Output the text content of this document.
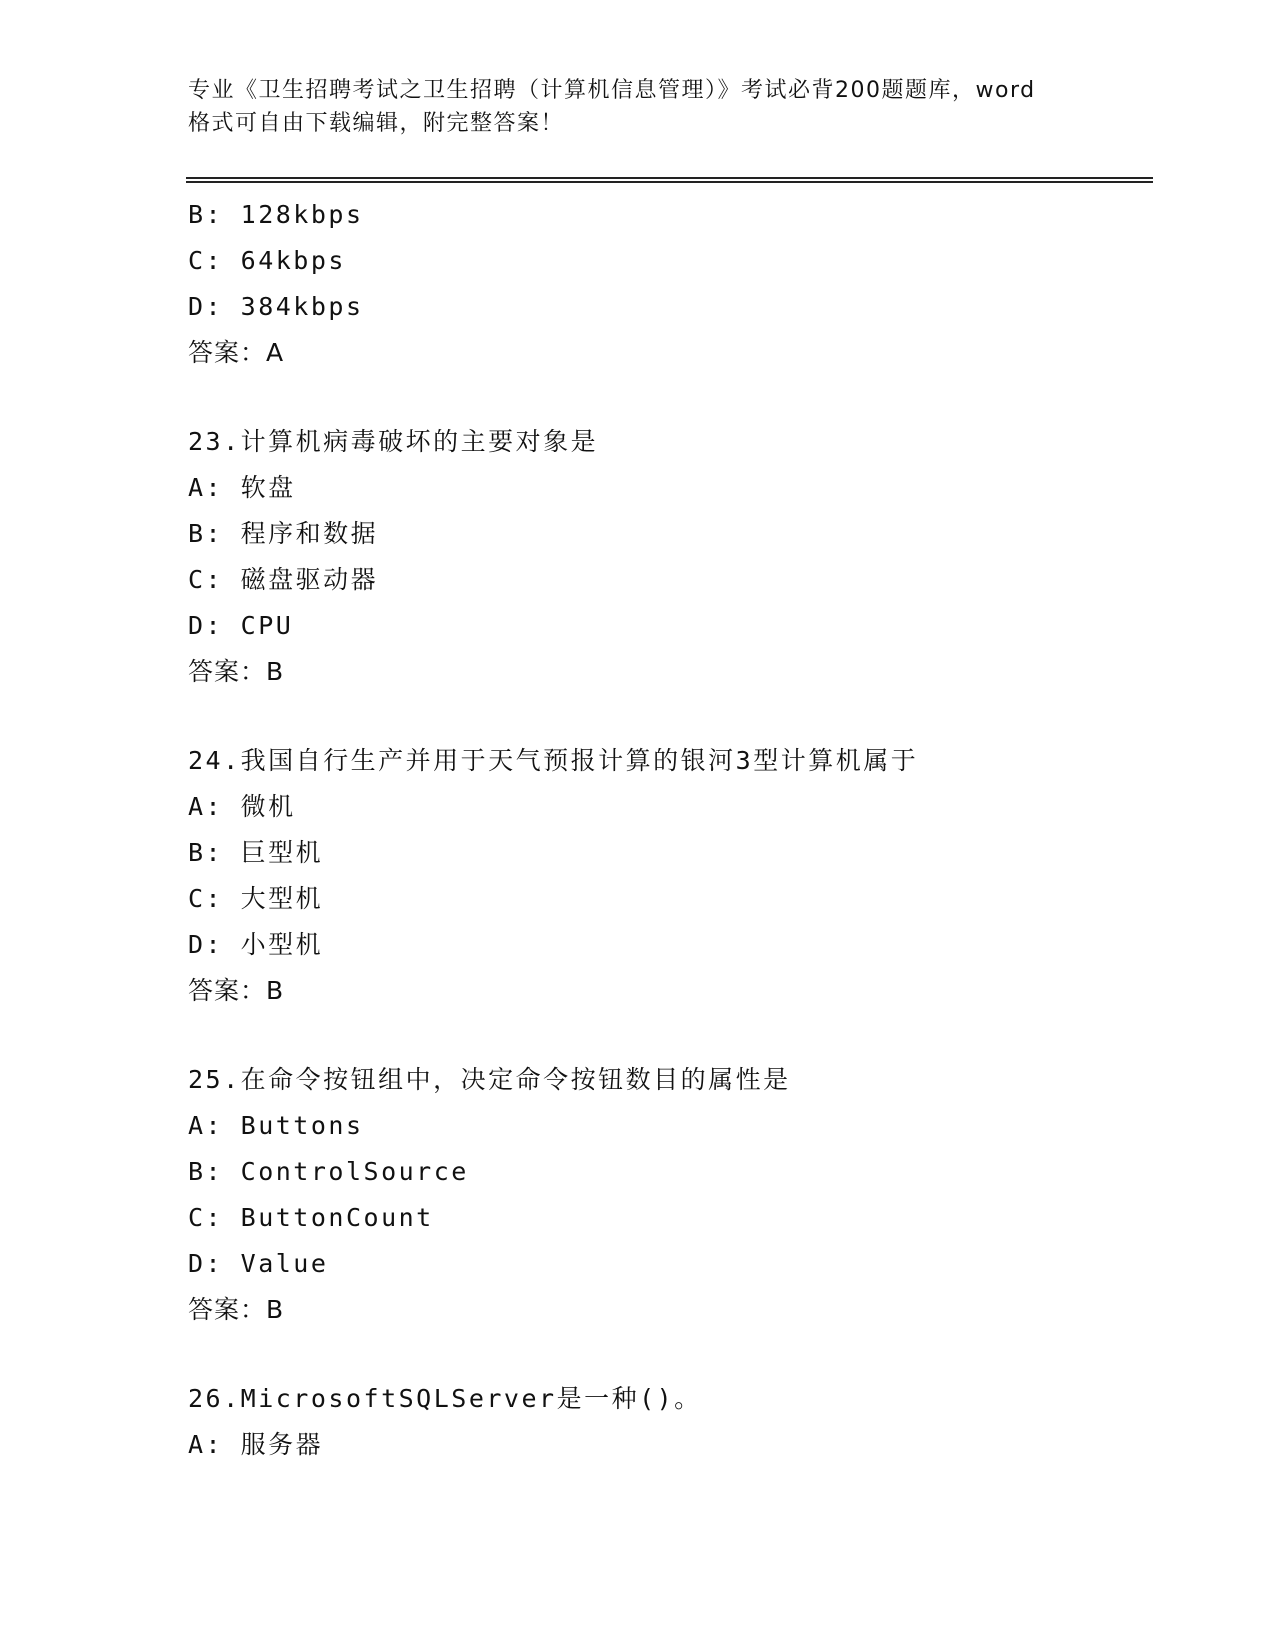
专业《卫生招聘考试之卫生招聘（计算机信息管理）》考试必背200题题库，word
格式可自由下载编辑，附完整答案！
B: 128kbps
C: 64kbps
D: 384kbps
答案：A
23.计算机病毒破坏的主要对象是
A: 软盘
B: 程序和数据
C: 磁盘驱动器
D: CPU
答案：B
24.我国自行生产并用于天气预报计算的银河3型计算机属于
A: 微机
B: 巨型机
C: 大型机
D: 小型机
答案：B
25.在命令按钮组中，决定命令按钮数目的属性是
A: Buttons
B: ControlSource
C: ButtonCount
D: Value
答案：B
26.MicrosoftSQLServer是一种()。
A: 服务器
